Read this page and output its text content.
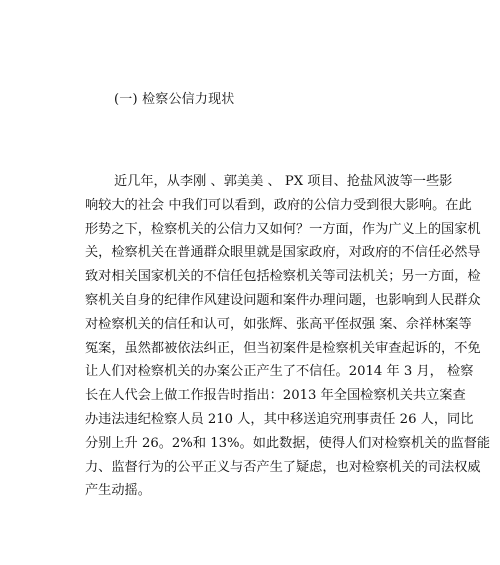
(一) 检察公信力现状
近几年，从李刚 、郭美美 、 PX 项目、抢盐风波等一些影
响较大的社会 中我们可以看到，政府的公信力受到很大影响。在此
形势之下，检察机关的公信力又如何？一方面，作为广义上的国家机
关，检察机关在普通群众眼里就是国家政府，对政府的不信任必然导
致对相关国家机关的不信任包括检察机关等司法机关；另一方面，检
察机关自身的纪律作风建设问题和案件办理问题，也影响到人民群众
对检察机关的信任和认可，如张辉、张高平侄叔强 案、佘祥林案等
冤案，虽然都被依法纠正，但当初案件是检察机关审查起诉的，不免
让人们对检察机关的办案公正产生了不信任。2014 年 3 月， 检察
长在人代会上做工作报告时指出：2013 年全国检察机关共立案查
办违法违纪检察人员 210 人，其中移送追究刑事责任 26 人，同比
分别上升 26。2%和 13%。如此数据，使得人们对检察机关的监督能
力、监督行为的公平正义与否产生了疑虑，也对检察机关的司法权威
产生动摇。
